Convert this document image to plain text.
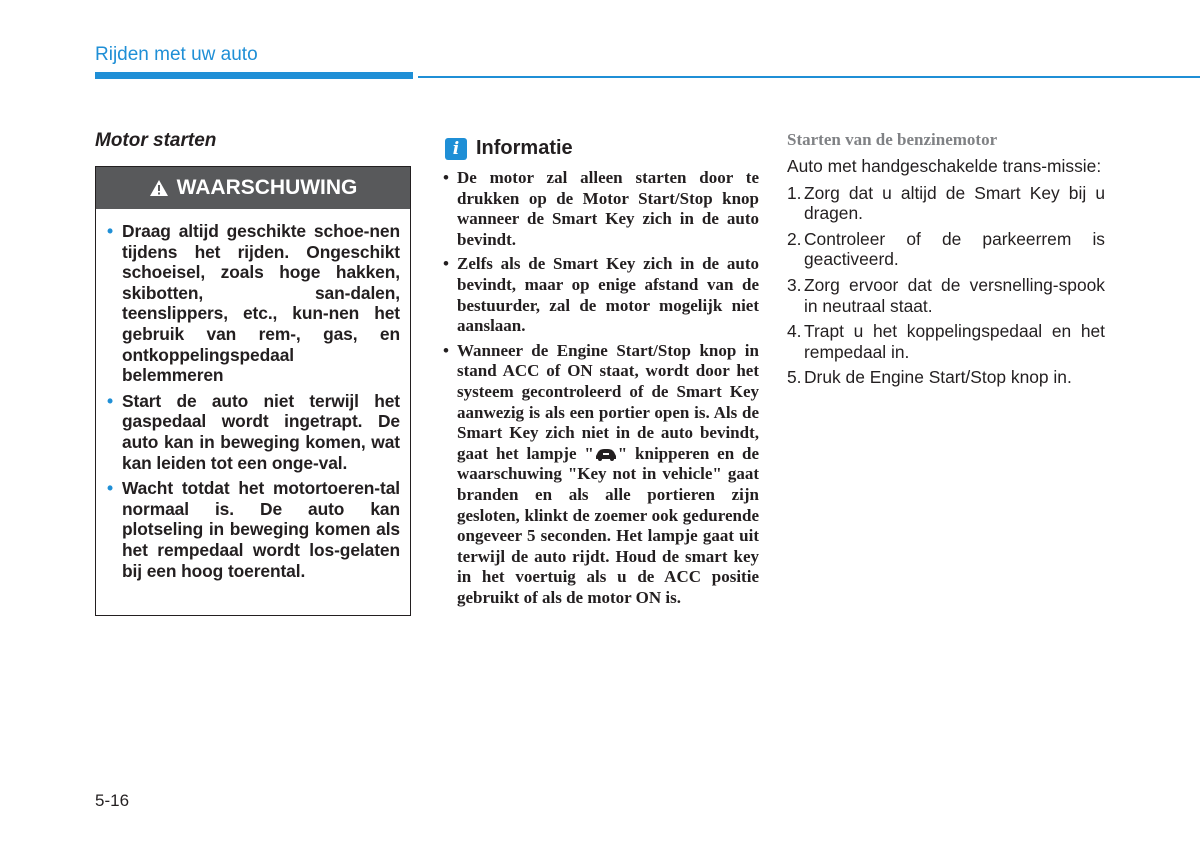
Rijden met uw auto
Motor starten
WAARSCHUWING
• Draag altijd geschikte schoe-nen tijdens het rijden. Ongeschikt schoeisel, zoals hoge hakken, skibotten, san-dalen, teenslippers, etc., kun-nen het gebruik van rem-, gas, en ontkoppelingspedaal belemmeren
• Start de auto niet terwijl het gaspedaal wordt ingetrapt. De auto kan in beweging komen, wat kan leiden tot een onge-val.
• Wacht totdat het motortoeren-tal normaal is. De auto kan plotseling in beweging komen als het rempedaal wordt los-gelaten bij een hoog toerental.
i Informatie
• De motor zal alleen starten door te drukken op de Motor Start/Stop knop wanneer de Smart Key zich in de auto bevindt.
• Zelfs als de Smart Key zich in de auto bevindt, maar op enige afstand van de bestuurder, zal de motor mogelijk niet aanslaan.
• Wanneer de Engine Start/Stop knop in stand ACC of ON staat, wordt door het systeem gecontroleerd of de Smart Key aanwezig is als een portier open is. Als de Smart Key zich niet in de auto bevindt, gaat het lampje " " knipperen en de waarschuwing "Key not in vehicle" gaat branden en als alle portieren zijn gesloten, klinkt de zoemer ook gedurende ongeveer 5 seconden. Het lampje gaat uit terwijl de auto rijdt. Houd de smart key in het voertuig als u de ACC positie gebruikt of als de motor ON is.
Starten van de benzinemotor
Auto met handgeschakelde trans-missie:
1. Zorg dat u altijd de Smart Key bij u dragen.
2. Controleer of de parkeerrem is geactiveerd.
3. Zorg ervoor dat de versnelling-spook in neutraal staat.
4. Trapt u het koppelingspedaal en het rempedaal in.
5. Druk de Engine Start/Stop knop in.
5-16
